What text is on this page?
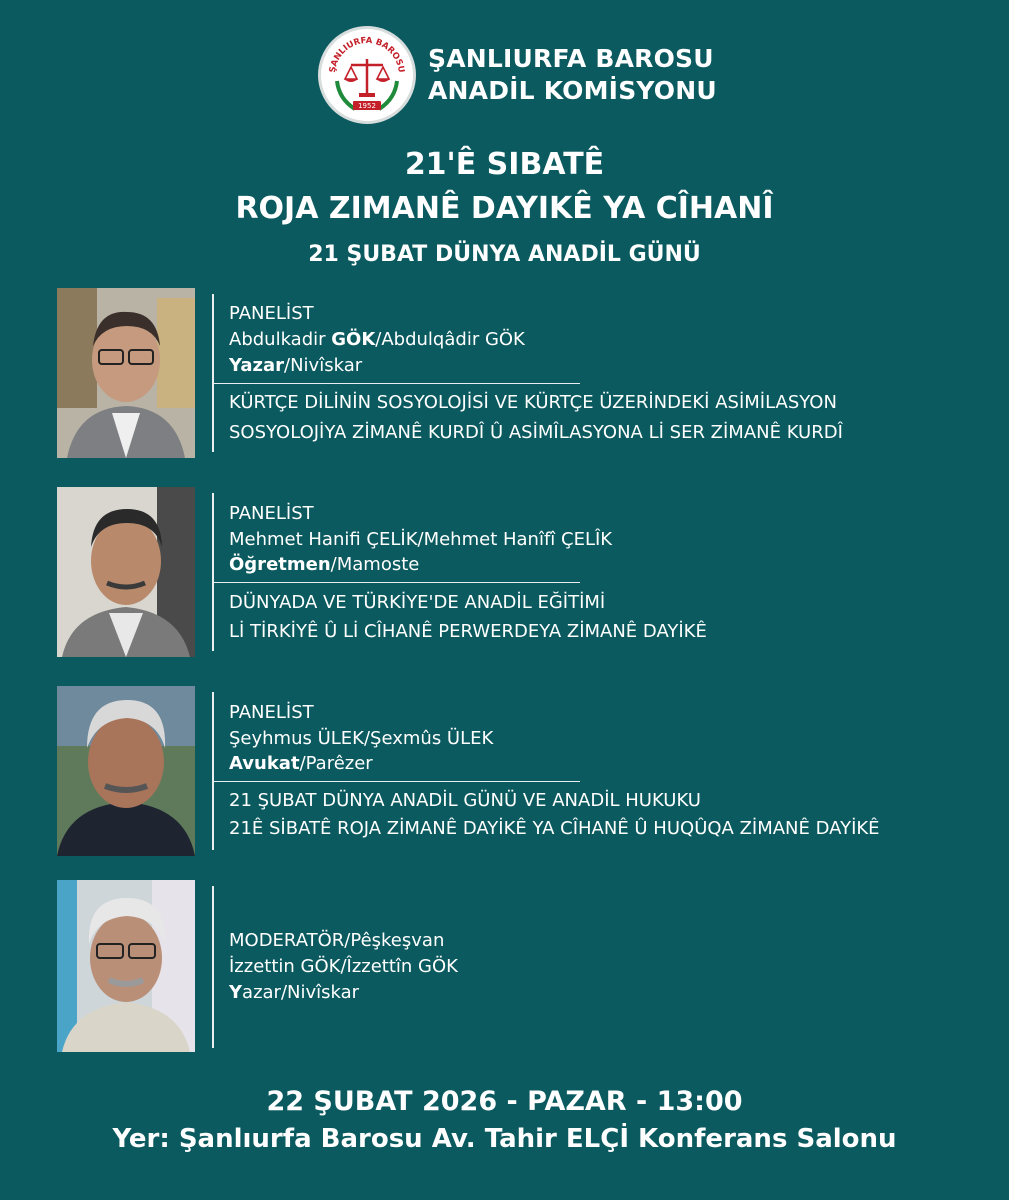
ŞANLIURFA BAROSU
1952
ŞANLIURFA BAROSU
ANADİL KOMİSYONU
21'Ê SIBATÊ
ROJA ZIMANÊ DAYIKÊ YA CÎHANÎ
21 ŞUBAT DÜNYA ANADİL GÜNÜ
PANELİST
Abdulkadir GÖK/Abdulqâdir GÖK
Yazar/Nivîskar
KÜRTÇE DİLİNİN SOSYOLOJİSİ VE KÜRTÇE ÜZERİNDEKİ ASİMİLASYON
SOSYOLOJİYA ZİMANÊ KURDÎ Û ASİMÎLASYONA Lİ SER ZİMANÊ KURDÎ
PANELİST
Mehmet Hanifi ÇELİK/Mehmet Hanîfî ÇELÎK
Öğretmen/Mamoste
DÜNYADA VE TÜRKİYE'DE ANADİL EĞİTİMİ
Lİ TİRKİYÊ Û Lİ CÎHANÊ PERWERDEYA ZİMANÊ DAYİKÊ
PANELİST
Şeyhmus ÜLEK/Şexmûs ÜLEK
Avukat/Parêzer
21 ŞUBAT DÜNYA ANADİL GÜNÜ VE ANADİL HUKUKU
21Ê SİBATÊ ROJA ZİMANÊ DAYİKÊ YA CÎHANÊ Û HUQÛQA ZİMANÊ DAYİKÊ
MODERATÖR/Pêşkeşvan
İzzettin GÖK/Îzzettîn GÖK
Yazar/Nivîskar
22 ŞUBAT 2026 - PAZAR - 13:00
Yer: Şanlıurfa Barosu Av. Tahir ELÇİ Konferans Salonu
